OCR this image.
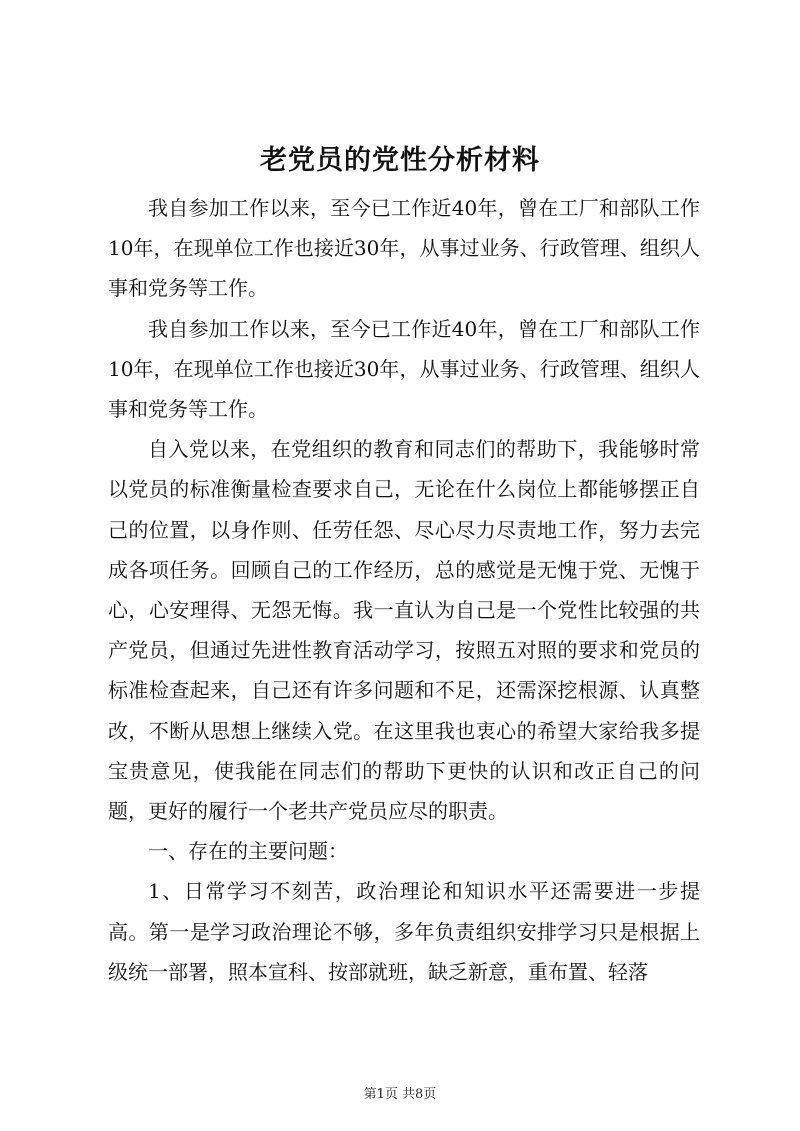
老党员的党性分析材料

我自参加工作以来，至今已工作近40年，曾在工厂和部队工作10年，在现单位工作也接近30年，从事过业务、行政管理、组织人事和党务等工作。

我自参加工作以来，至今已工作近40年，曾在工厂和部队工作10年，在现单位工作也接近30年，从事过业务、行政管理、组织人事和党务等工作。

自入党以来，在党组织的教育和同志们的帮助下，我能够时常以党员的标准衡量检查要求自己，无论在什么岗位上都能够摆正自己的位置，以身作则、任劳任怨、尽心尽力尽责地工作，努力去完成各项任务。回顾自己的工作经历，总的感觉是无愧于党、无愧于心，心安理得、无怨无悔。我一直认为自己是一个党性比较强的共产党员，但通过先进性教育活动学习，按照五对照的要求和党员的标准检查起来，自己还有许多问题和不足，还需深挖根源、认真整改，不断从思想上继续入党。在这里我也衷心的希望大家给我多提宝贵意见，使我能在同志们的帮助下更快的认识和改正自己的问题，更好的履行一个老共产党员应尽的职责。

一、存在的主要问题：

1、日常学习不刻苦，政治理论和知识水平还需要进一步提高。第一是学习政治理论不够，多年负责组织安排学习只是根据上级统一部署，照本宣科、按部就班，缺乏新意，重布置、轻落

第1页 共8页
